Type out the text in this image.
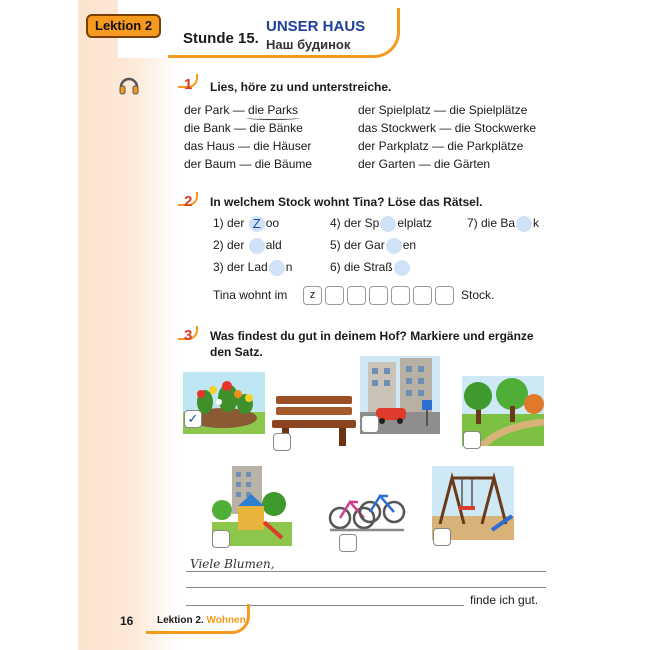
Lektion 2
Stunde 15.
UNSER HAUS
Наш будинок
1 Lies, höre zu und unterstreiche.
der Park — die Parks
die Bank — die Bänke
das Haus — die Häuser
der Baum — die Bäume
der Spielplatz — die Spielplätze
das Stockwerk — die Stockwerke
der Parkplatz — die Parkplätze
der Garten — die Gärten
2 In welchem Stock wohnt Tina? Löse das Rätsel.
1) der Z oo
2) der ald
3) der Lad n
4) der Sp elplatz
5) der Gar en
6) die Straß
7) die Ba k
Tina wohnt im	z	Stock.
3 Was findest du gut in deinem Hof? Markiere und ergänze
den Satz.
✓
Viele Blumen,
finde ich gut.
16 Lektion 2. Wohnen
